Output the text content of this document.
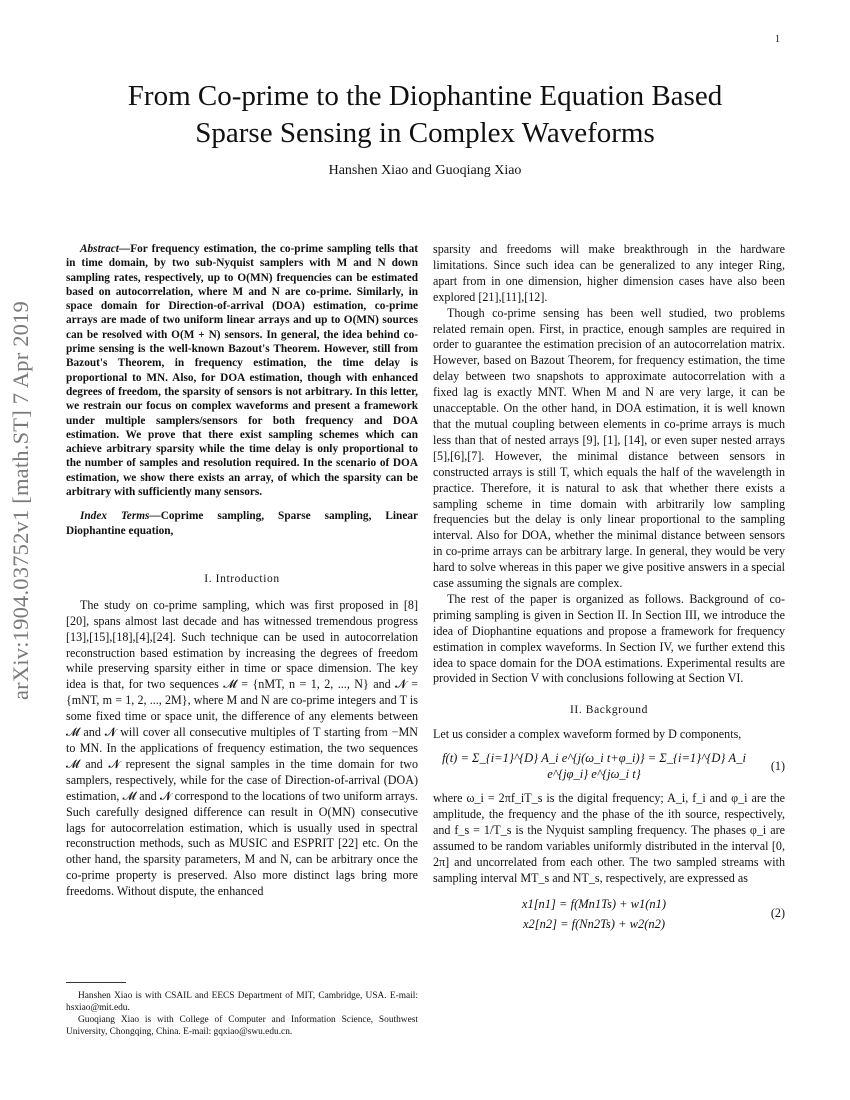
1
arXiv:1904.03752v1 [math.ST] 7 Apr 2019
From Co-prime to the Diophantine Equation Based
Sparse Sensing in Complex Waveforms
Hanshen Xiao and Guoqiang Xiao

Abstract—For frequency estimation, the co-prime sampling tells that in time domain, by two sub-Nyquist samplers with M and N down sampling rates, respectively, up to O(MN) frequencies can be estimated based on autocorrelation, where M and N are co-prime. Similarly, in space domain for Direction-of-arrival (DOA) estimation, co-prime arrays are made of two uniform linear arrays and up to O(MN) sources can be resolved with O(M + N) sensors. In general, the idea behind co-prime sensing is the well-known Bazout's Theorem. However, still from Bazout's Theorem, in frequency estimation, the time delay is proportional to MN. Also, for DOA estimation, though with enhanced degrees of freedom, the sparsity of sensors is not arbitrary. In this letter, we restrain our focus on complex waveforms and present a framework under multiple samplers/sensors for both frequency and DOA estimation. We prove that there exist sampling schemes which can achieve arbitrary sparsity while the time delay is only proportional to the number of samples and resolution required. In the scenario of DOA estimation, we show there exists an array, of which the sparsity can be arbitrary with sufficiently many sensors.

Index Terms—Coprime sampling, Sparse sampling, Linear Diophantine equation,

I. Introduction

The study on co-prime sampling, which was first proposed in [8] [20], spans almost last decade and has witnessed tremendous progress [13],[15],[18],[4],[24]. Such technique can be used in autocorrelation reconstruction based estimation by increasing the degrees of freedom while preserving sparsity either in time or space dimension. The key idea is that, for two sequences 𝓜 = {nMT, n = 1, 2, ..., N} and 𝓝 = {mNT, m = 1, 2, ..., 2M}, where M and N are co-prime integers and T is some fixed time or space unit, the difference of any elements between 𝓜 and 𝓝 will cover all consecutive multiples of T starting from −MN to MN. In the applications of frequency estimation, the two sequences 𝓜 and 𝓝 represent the signal samples in the time domain for two samplers, respectively, while for the case of Direction-of-arrival (DOA) estimation, 𝓜 and 𝓝 correspond to the locations of two uniform arrays. Such carefully designed difference can result in O(MN) consecutive lags for autocorrelation estimation, which is usually used in spectral reconstruction methods, such as MUSIC and ESPRIT [22] etc. On the other hand, the sparsity parameters, M and N, can be arbitrary once the co-prime property is preserved. Also more distinct lags bring more freedoms. Without dispute, the enhanced

sparsity and freedoms will make breakthrough in the hardware limitations. Since such idea can be generalized to any integer Ring, apart from in one dimension, higher dimension cases have also been explored [21],[11],[12].

Though co-prime sensing has been well studied, two problems related remain open. First, in practice, enough samples are required in order to guarantee the estimation precision of an autocorrelation matrix. However, based on Bazout Theorem, for frequency estimation, the time delay between two snapshots to approximate autocorrelation with a fixed lag is exactly MNT. When M and N are very large, it can be unacceptable. On the other hand, in DOA estimation, it is well known that the mutual coupling between elements in co-prime arrays is much less than that of nested arrays [9], [1], [14], or even super nested arrays [5],[6],[7]. However, the minimal distance between sensors in constructed arrays is still T, which equals the half of the wavelength in practice. Therefore, it is natural to ask that whether there exists a sampling scheme in time domain with arbitrarily low sampling frequencies but the delay is only linear proportional to the sampling interval. Also for DOA, whether the minimal distance between sensors in co-prime arrays can be arbitrary large. In general, they would be very hard to solve whereas in this paper we give positive answers in a special case assuming the signals are complex.

The rest of the paper is organized as follows. Background of co-priming sampling is given in Section II. In Section III, we introduce the idea of Diophantine equations and propose a framework for frequency estimation in complex waveforms. In Section IV, we further extend this idea to space domain for the DOA estimations. Experimental results are provided in Section V with conclusions following at Section VI.

II. Background

Let us consider a complex waveform formed by D components,

f(t) = Σ_{i=1}^{D} A_i e^{j(ω_i t+φ_i)} = Σ_{i=1}^{D} A_i e^{jφ_i} e^{jω_i t}
(1)

where ω_i = 2πf_iT_s is the digital frequency; A_i, f_i and φ_i are the amplitude, the frequency and the phase of the ith source, respectively, and f_s = 1/T_s is the Nyquist sampling frequency. The phases φ_i are assumed to be random variables uniformly distributed in the interval [0, 2π] and uncorrelated from each other. The two sampled streams with sampling interval MT_s and NT_s, respectively, are expressed as

x1[n1] = f(Mn1Ts) + w1(n1)
x2[n2] = f(Nn2Ts) + w2(n2)
(2)

Hanshen Xiao is with CSAIL and EECS Department of MIT, Cambridge, USA. E-mail: hsxiao@mit.edu.

Guoqiang Xiao is with College of Computer and Information Science, Southwest University, Chongqing, China. E-mail: gqxiao@swu.edu.cn.
